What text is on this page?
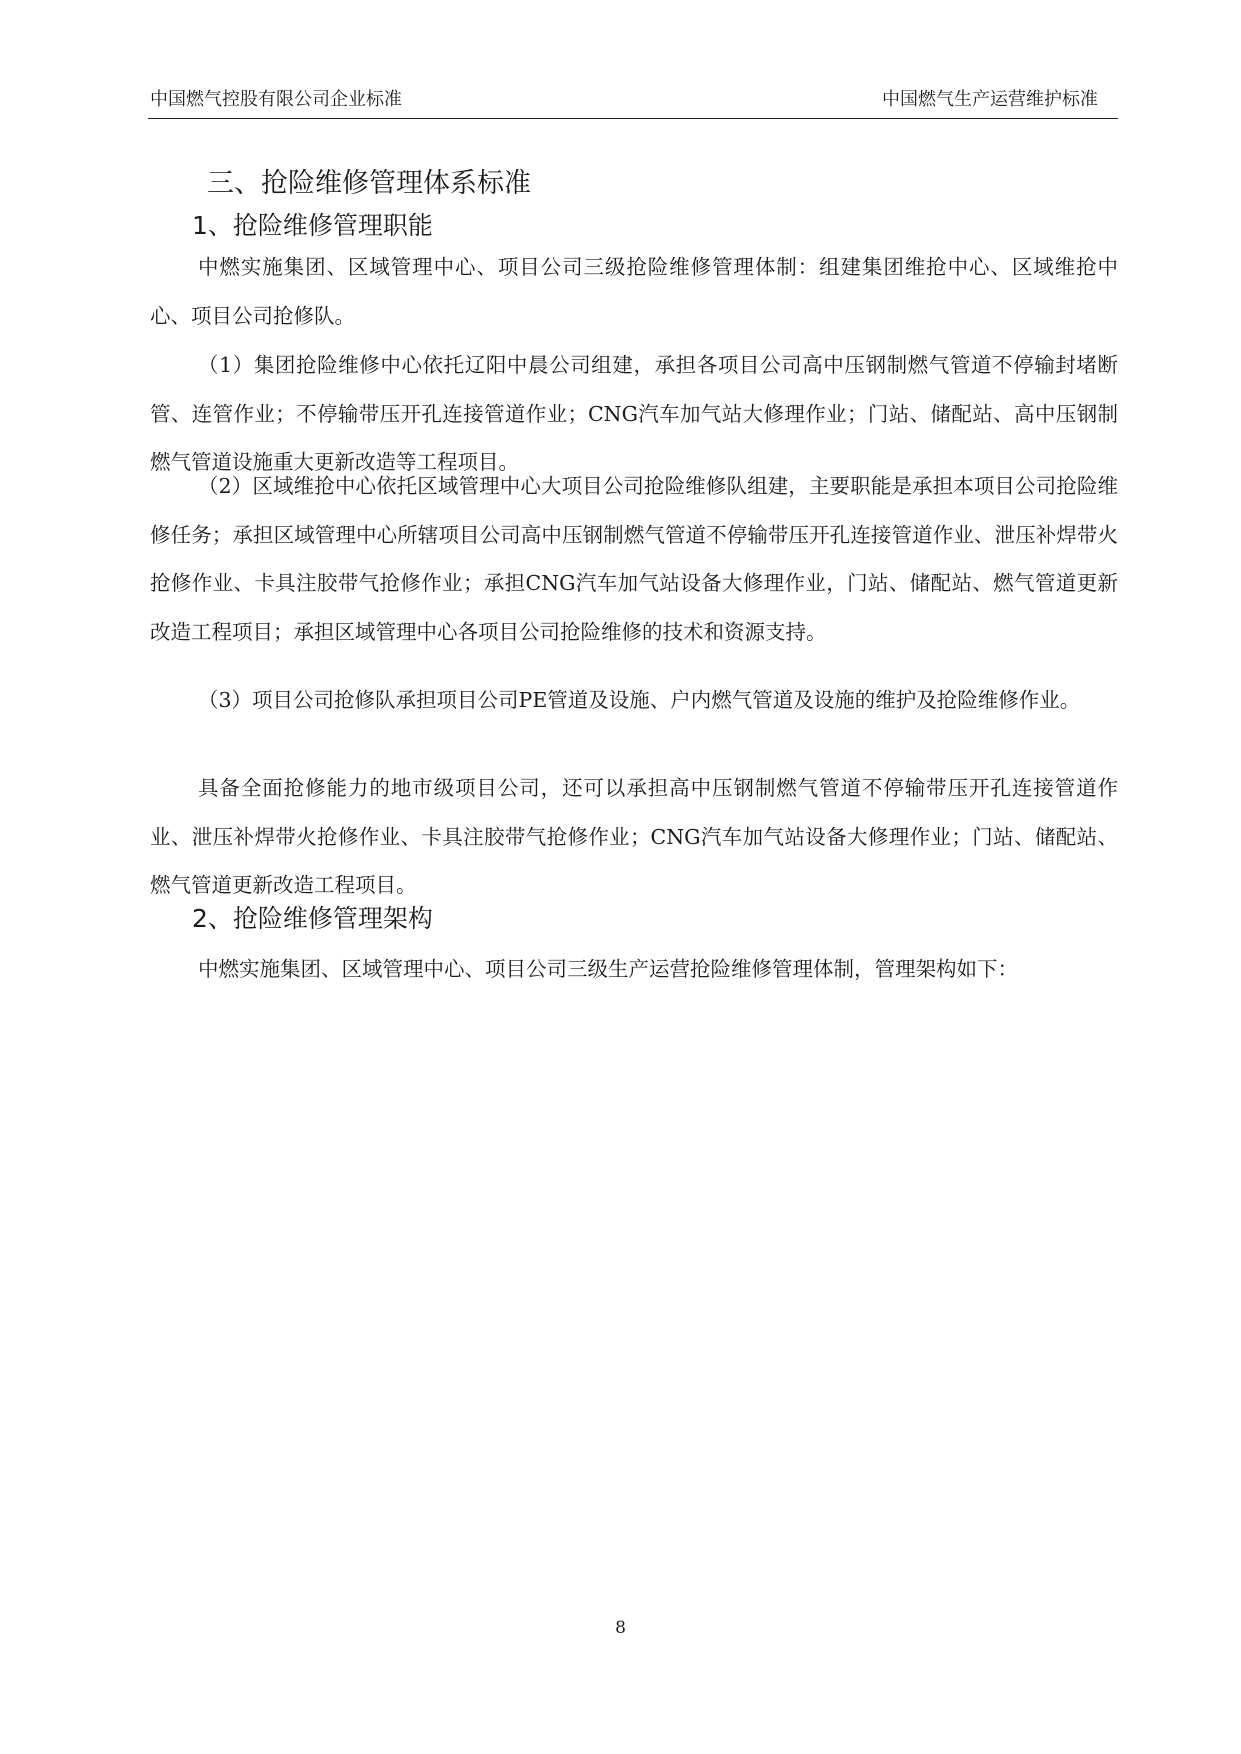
中国燃气控股有限公司企业标准	中国燃气生产运营维护标准
三、抢险维修管理体系标准
1、抢险维修管理职能

中燃实施集团、区域管理中心、项目公司三级抢险维修管理体制：组建集团维抢中心、区域维抢中心、项目公司抢修队。

（1）集团抢险维修中心依托辽阳中晨公司组建，承担各项目公司高中压钢制燃气管道不停输封堵断管、连管作业；不停输带压开孔连接管道作业；CNG汽车加气站大修理作业；门站、储配站、高中压钢制燃气管道设施重大更新改造等工程项目。

（2）区域维抢中心依托区域管理中心大项目公司抢险维修队组建，主要职能是承担本项目公司抢险维修任务；承担区域管理中心所辖项目公司高中压钢制燃气管道不停输带压开孔连接管道作业、泄压补焊带火抢修作业、卡具注胶带气抢修作业；承担CNG汽车加气站设备大修理作业，门站、储配站、燃气管道更新改造工程项目；承担区域管理中心各项目公司抢险维修的技术和资源支持。

（3）项目公司抢修队承担项目公司PE管道及设施、户内燃气管道及设施的维护及抢险维修作业。

具备全面抢修能力的地市级项目公司，还可以承担高中压钢制燃气管道不停输带压开孔连接管道作业、泄压补焊带火抢修作业、卡具注胶带气抢修作业；CNG汽车加气站设备大修理作业；门站、储配站、燃气管道更新改造工程项目。

2、抢险维修管理架构

中燃实施集团、区域管理中心、项目公司三级生产运营抢险维修管理体制，管理架构如下：

8
